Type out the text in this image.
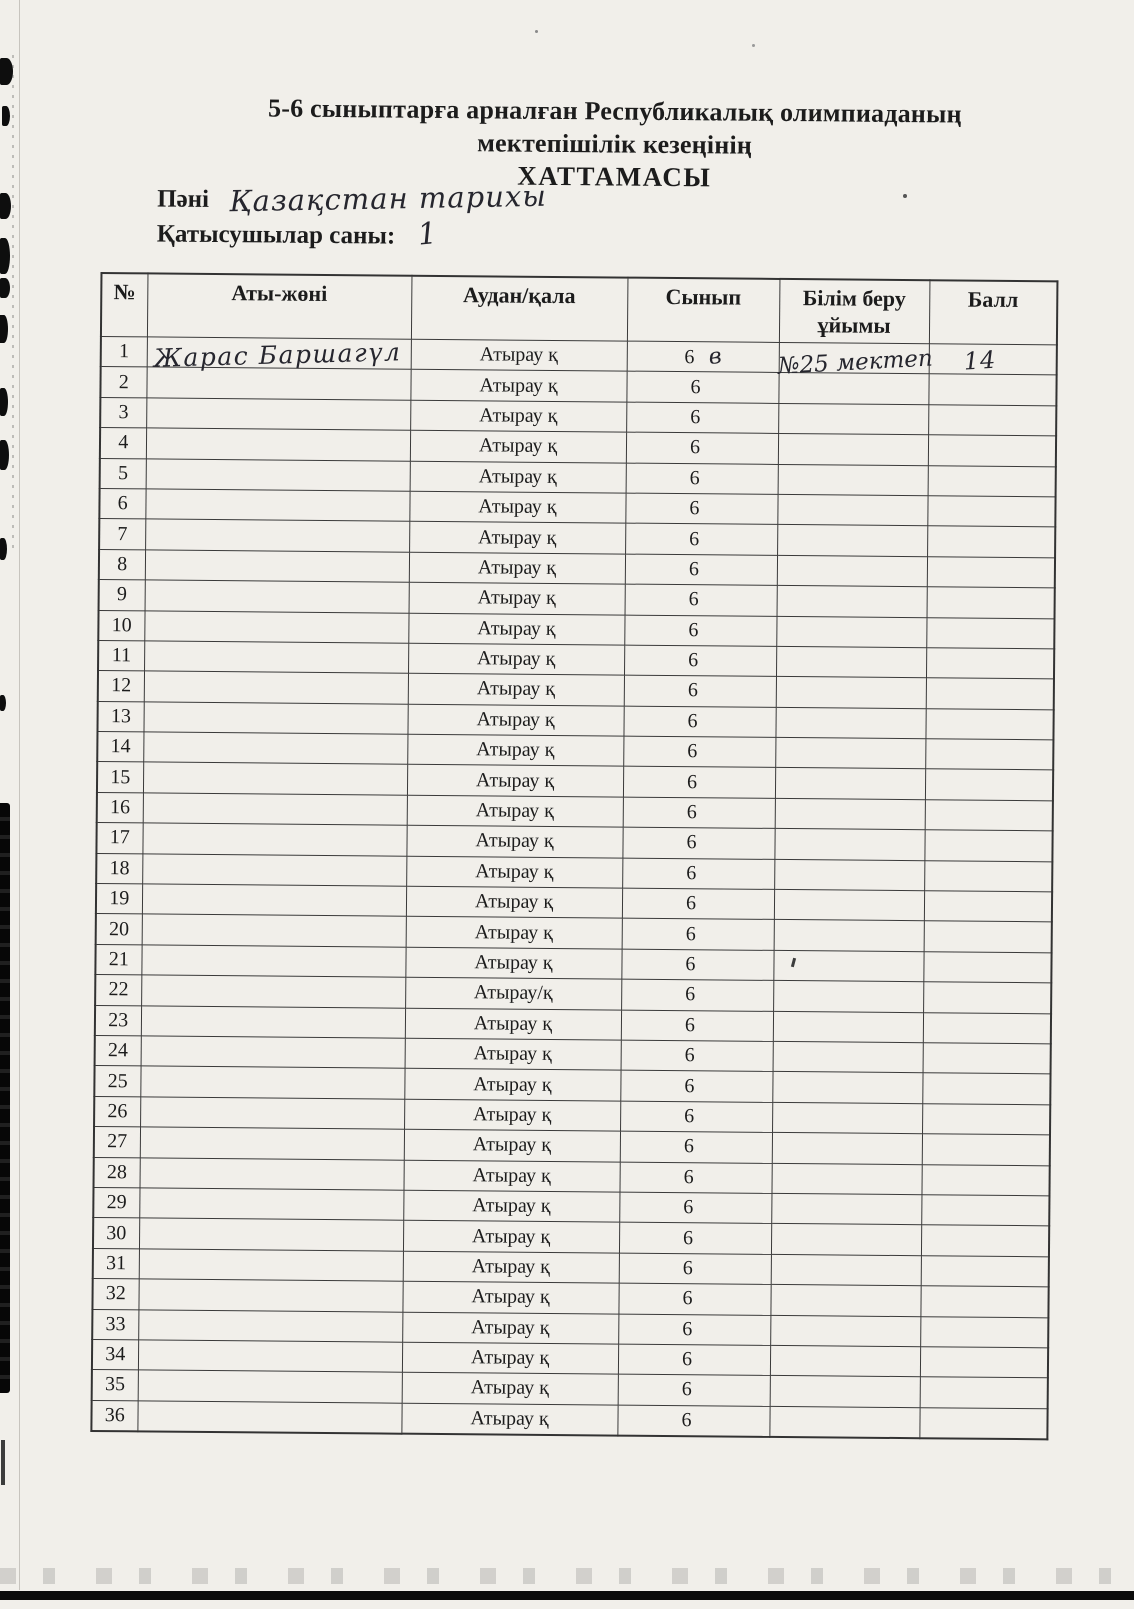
5-6 сыныптарға арналған Республикалық олимпиаданың
мектепішілік кезеңінің
ХАТТАМАСЫ
Пәні Қазақстан тарихы
Қатысушылар саны: 1
№	Аты-жөні	Аудан/қала	Сынып	Білім беру ұйымы	Балл
1	Жарас Баршагүл	Атырау қ	6 в	№25 мектеп	14
2		Атырау қ	6		
3		Атырау қ	6		
4		Атырау қ	6		
5		Атырау қ	6		
6		Атырау қ	6		
7		Атырау қ	6		
8		Атырау қ	6		
9		Атырау қ	6		
10		Атырау қ	6		
11		Атырау қ	6		
12		Атырау қ	6		
13		Атырау қ	6		
14		Атырау қ	6		
15		Атырау қ	6		
16		Атырау қ	6		
17		Атырау қ	6		
18		Атырау қ	6		
19		Атырау қ	6		
20		Атырау қ	6		
21		Атырау қ	6		
22		Атырау/қ	6		
23		Атырау қ	6		
24		Атырау қ	6		
25		Атырау қ	6		
26		Атырау қ	6		
27		Атырау қ	6		
28		Атырау қ	6		
29		Атырау қ	6		
30		Атырау қ	6		
31		Атырау қ	6		
32		Атырау қ	6		
33		Атырау қ	6		
34		Атырау қ	6		
35		Атырау қ	6		
36		Атырау қ	6		
